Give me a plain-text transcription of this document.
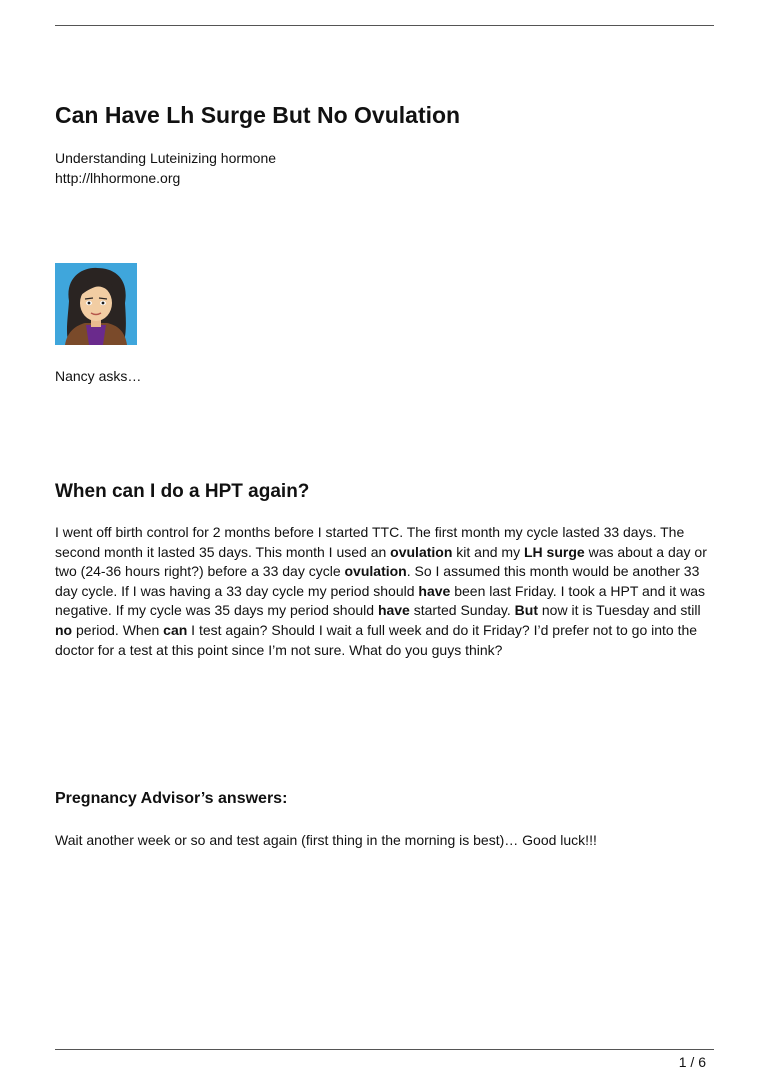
Can Have Lh Surge But No Ovulation
Understanding Luteinizing hormone
http://lhhormone.org
Nancy asks…
When can I do a HPT again?

I went off birth control for 2 months before I started TTC. The first month my cycle lasted 33 days. The second month it lasted 35 days. This month I used an ovulation kit and my LH surge was about a day or two (24-36 hours right?) before a 33 day cycle ovulation. So I assumed this month would be another 33 day cycle. If I was having a 33 day cycle my period should have been last Friday. I took a HPT and it was negative. If my cycle was 35 days my period should have started Sunday. But now it is Tuesday and still no period. When can I test again? Should I wait a full week and do it Friday? I’d prefer not to go into the doctor for a test at this point since I’m not sure. What do you guys think?

Pregnancy Advisor’s answers:

Wait another week or so and test again (first thing in the morning is best)… Good luck!!!

1 / 6
